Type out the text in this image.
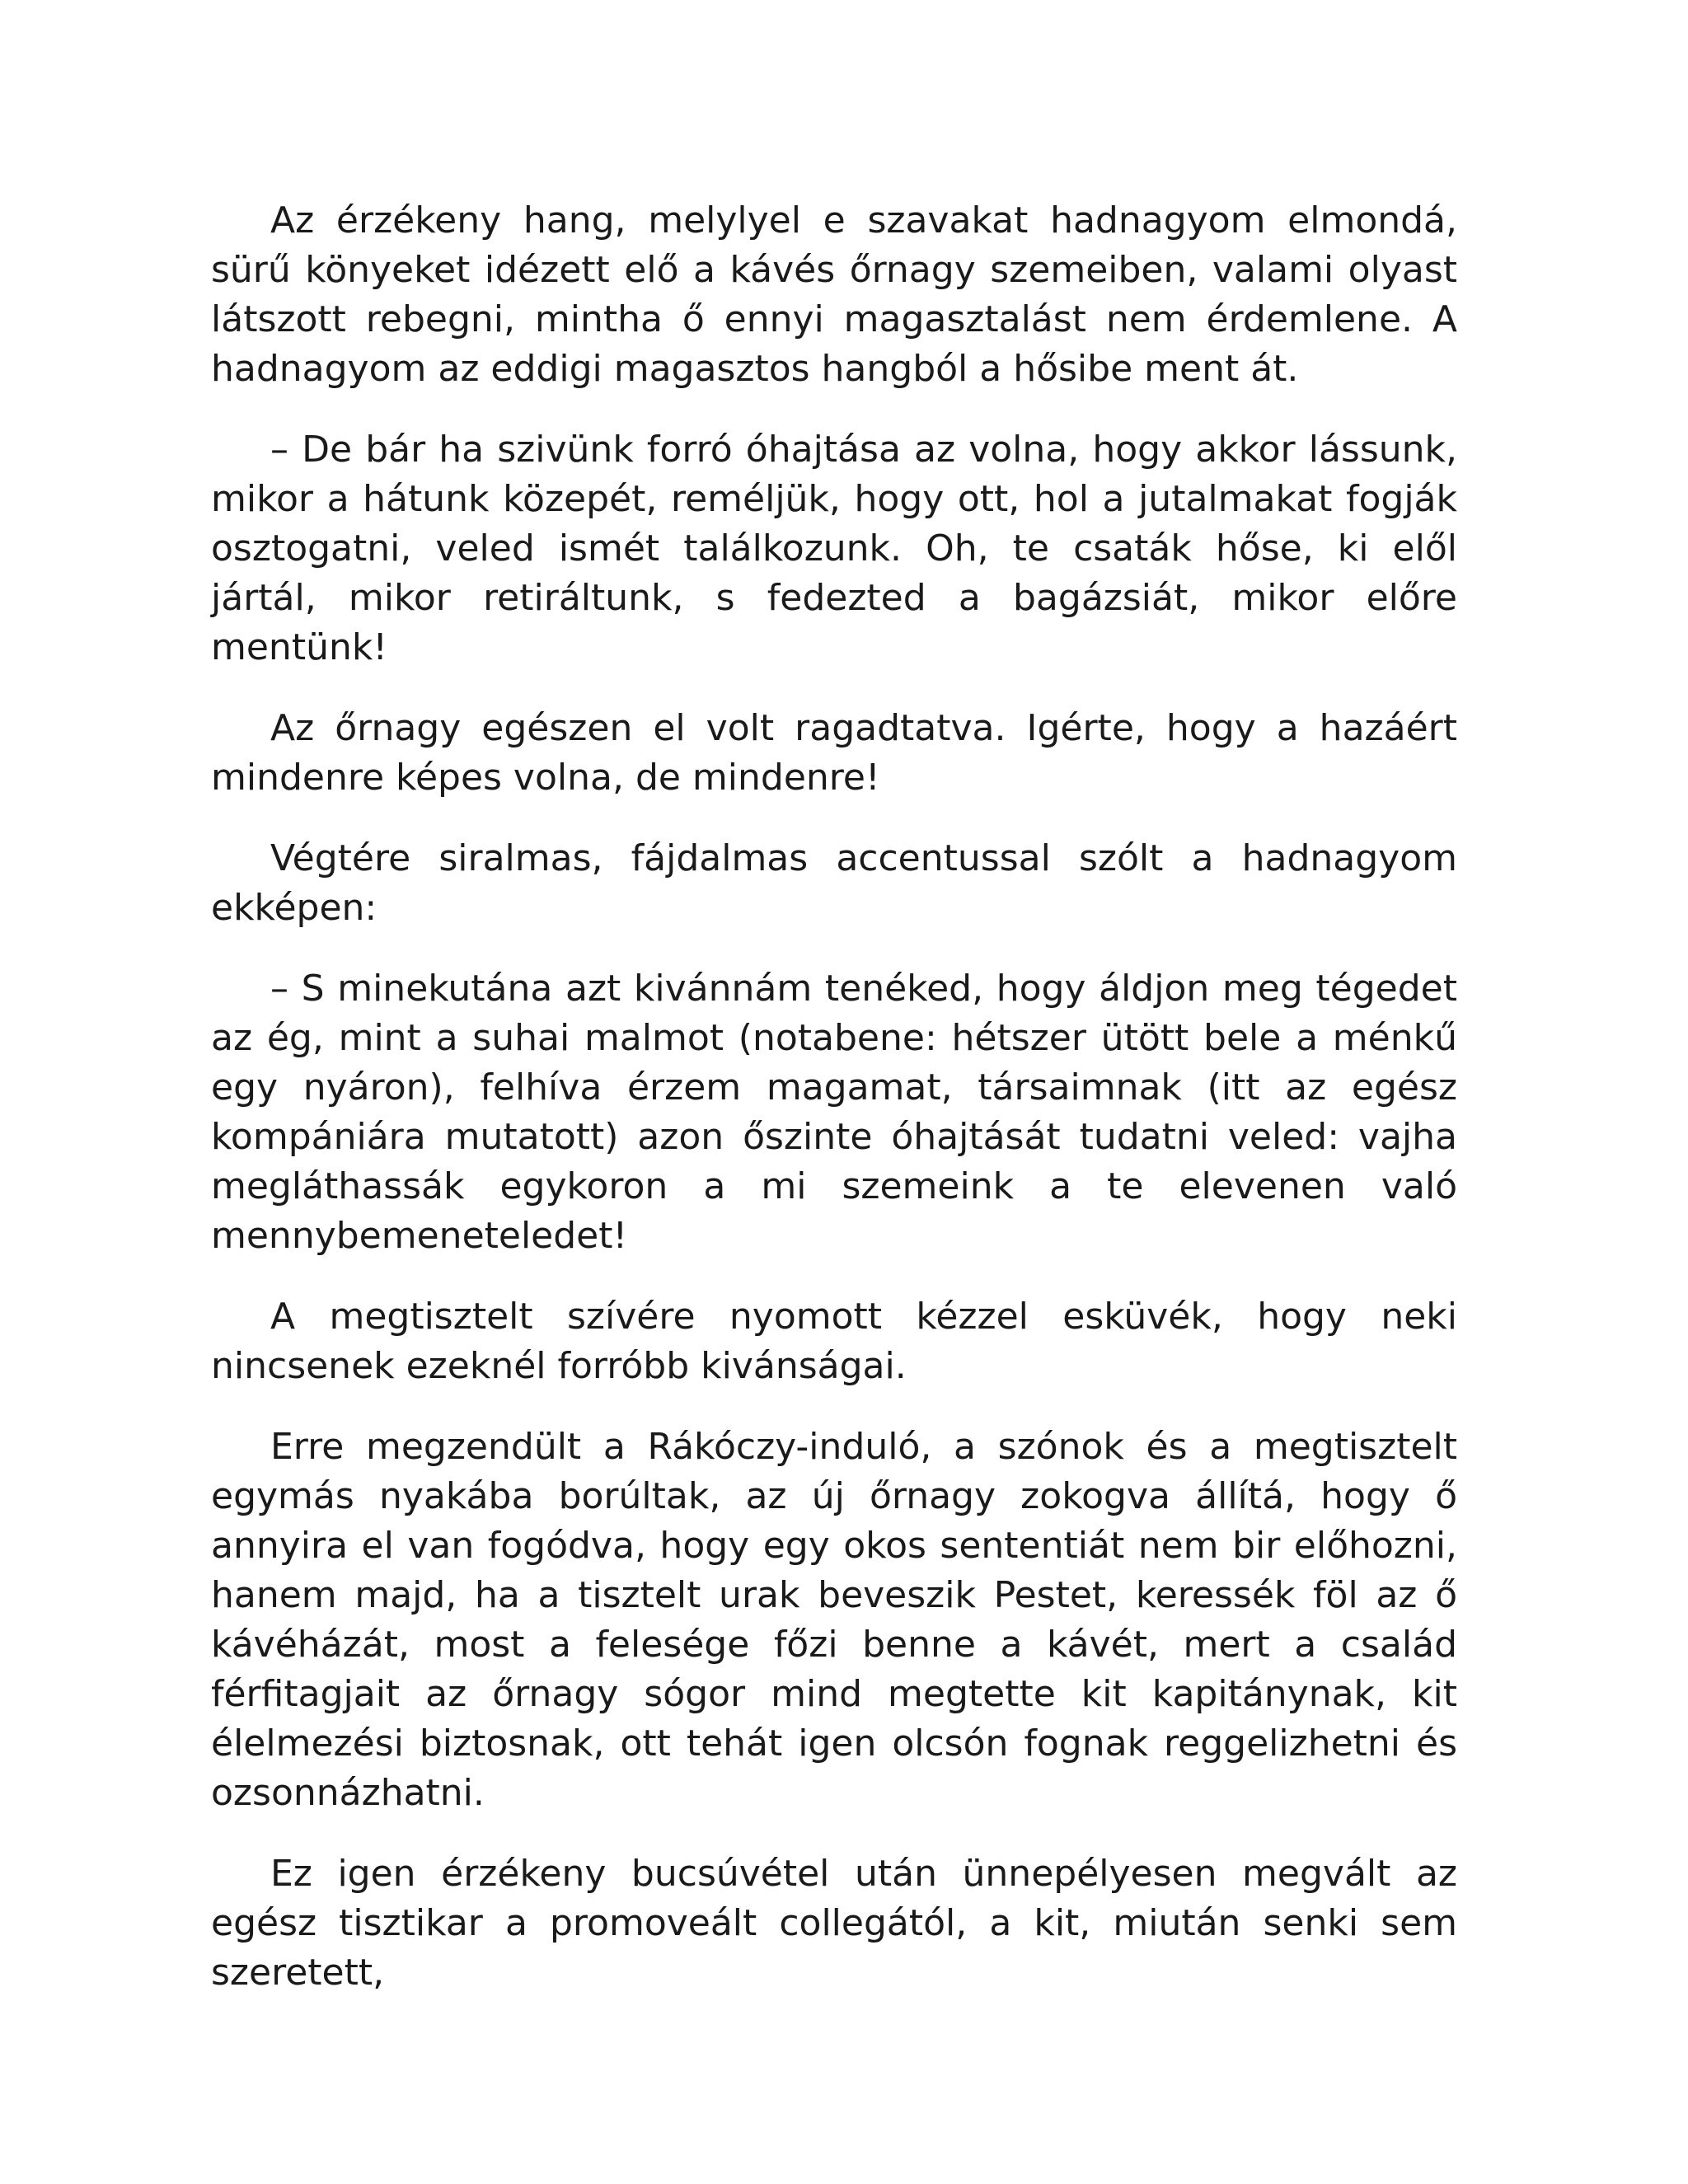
Az érzékeny hang, melylyel e szavakat hadnagyom elmondá, sürű könyeket idézett elő a kávés őrnagy szemeiben, valami olyast látszott rebegni, mintha ő ennyi magasztalást nem érdemlene. A hadnagyom az eddigi magasztos hangból a hősibe ment át.

– De bár ha szivünk forró óhajtása az volna, hogy akkor lássunk, mikor a hátunk közepét, reméljük, hogy ott, hol a jutalmakat fogják osztogatni, veled ismét találkozunk. Oh, te csaták hőse, ki elől jártál, mikor retiráltunk, s fedezted a bagázsiát, mikor előre mentünk!

Az őrnagy egészen el volt ragadtatva. Igérte, hogy a hazáért mindenre képes volna, de mindenre!

Végtére siralmas, fájdalmas accentussal szólt a hadnagyom ekképen:

– S minekutána azt kivánnám tenéked, hogy áldjon meg tégedet az ég, mint a suhai malmot (notabene: hétszer ütött bele a ménkű egy nyáron), felhíva érzem magamat, társaimnak (itt az egész kompániára mutatott) azon őszinte óhajtását tudatni veled: vajha megláthassák egykoron a mi szemeink a te elevenen való mennybemeneteledet!

A megtisztelt szívére nyomott kézzel esküvék, hogy neki nincsenek ezeknél forróbb kivánságai.

Erre megzendült a Rákóczy-induló, a szónok és a megtisztelt egymás nyakába borúltak, az új őrnagy zokogva állítá, hogy ő annyira el van fogódva, hogy egy okos sententiát nem bir előhozni, hanem majd, ha a tisztelt urak beveszik Pestet, keressék föl az ő kávéházát, most a felesége főzi benne a kávét, mert a család férfitagjait az őrnagy sógor mind megtette kit kapitánynak, kit élelmezési biztosnak, ott tehát igen olcsón fognak reggelizhetni és ozsonnázhatni.

Ez igen érzékeny bucsúvétel után ünnepélyesen megvált az egész tisztikar a promoveált collegától, a kit, miután senki sem szeretett,
